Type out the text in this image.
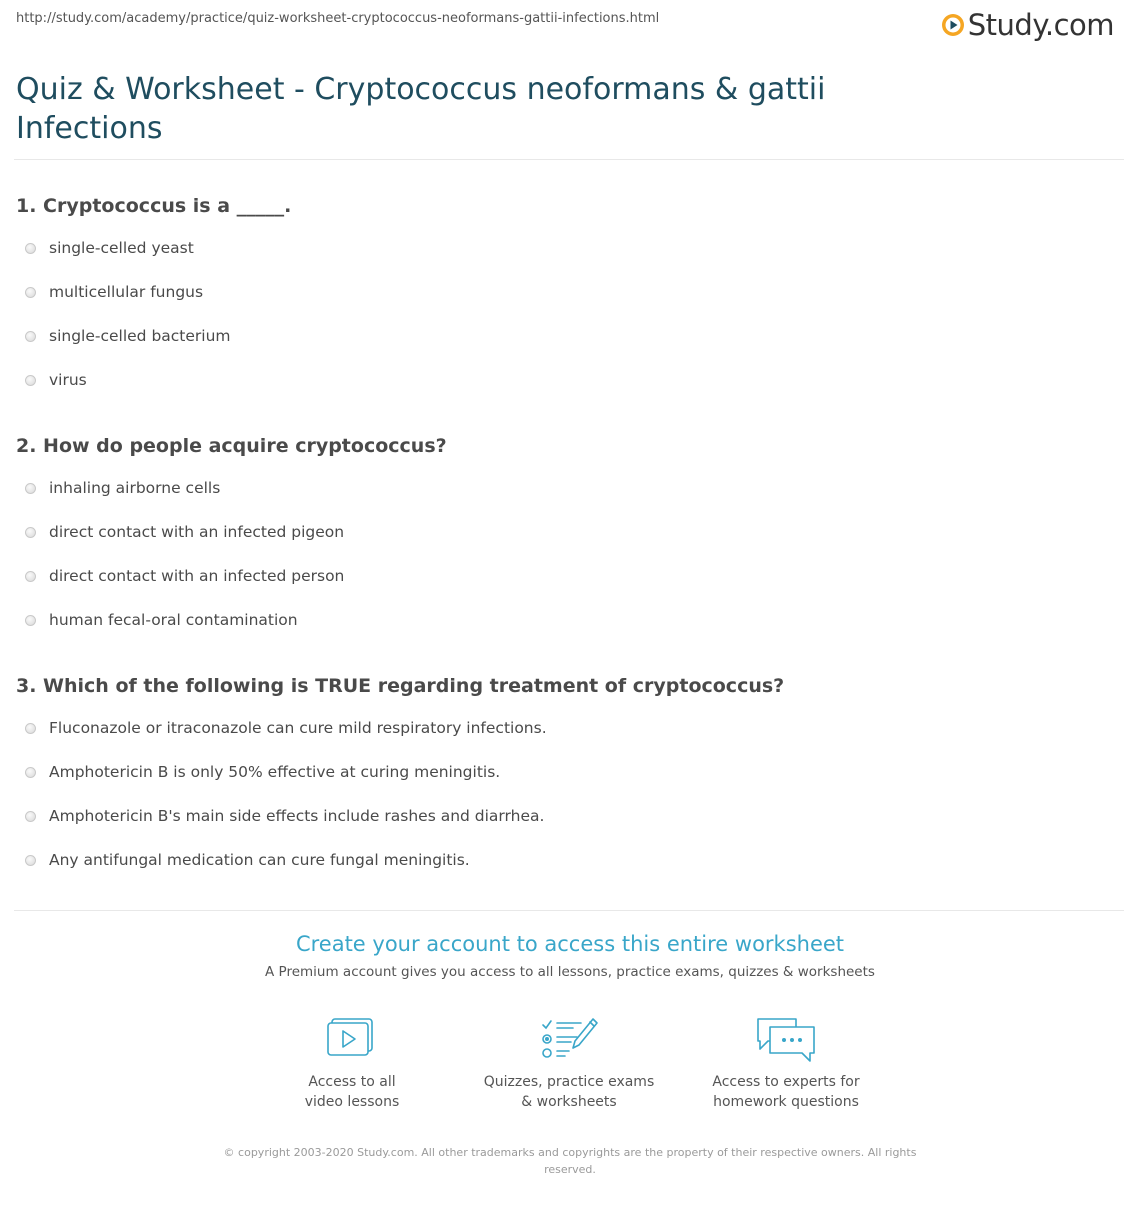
http://study.com/academy/practice/quiz-worksheet-cryptococcus-neoformans-gattii-infections.html	Study.com
Quiz & Worksheet - Cryptococcus neoformans & gattii Infections
1. Cryptococcus is a _____.
single-celled yeast
multicellular fungus
single-celled bacterium
virus
2. How do people acquire cryptococcus?
inhaling airborne cells
direct contact with an infected pigeon
direct contact with an infected person
human fecal-oral contamination
3. Which of the following is TRUE regarding treatment of cryptococcus?
Fluconazole or itraconazole can cure mild respiratory infections.
Amphotericin B is only 50% effective at curing meningitis.
Amphotericin B's main side effects include rashes and diarrhea.
Any antifungal medication can cure fungal meningitis.
Create your account to access this entire worksheet
A Premium account gives you access to all lessons, practice exams, quizzes & worksheets
Access to all
video lessons
Quizzes, practice exams
& worksheets
Access to experts for
homework questions
© copyright 2003-2020 Study.com. All other trademarks and copyrights are the property of their respective owners. All rights reserved.
